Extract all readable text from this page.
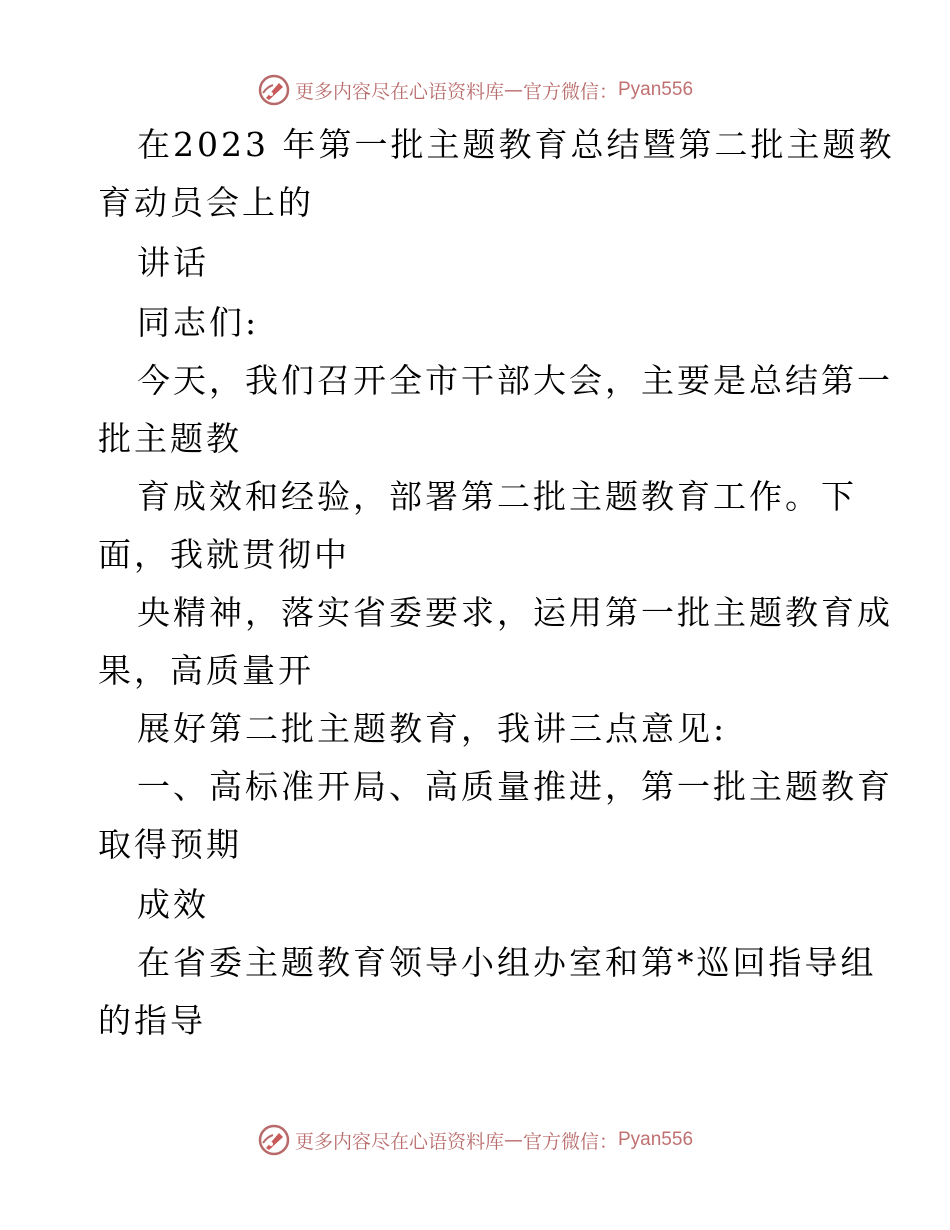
更多内容尽在心语资料库 — 官方微信： Pyan556
在2023 年第一批主题教育总结暨第二批主题教
育动员会上的
讲话
同志们:
今天，我们召开全市干部大会，主要是总结第一
批主题教
育成效和经验，部署第二批主题教育工作。下
面，我就贯彻中
央精神，落实省委要求，运用第一批主题教育成
果，高质量开
展好第二批主题教育，我讲三点意见:
一、高标准开局、高质量推进，第一批主题教育
取得预期
成效
在省委主题教育领导小组办室和第*巡回指导组
的指导
更多内容尽在心语资料库 — 官方微信： Pyan556
